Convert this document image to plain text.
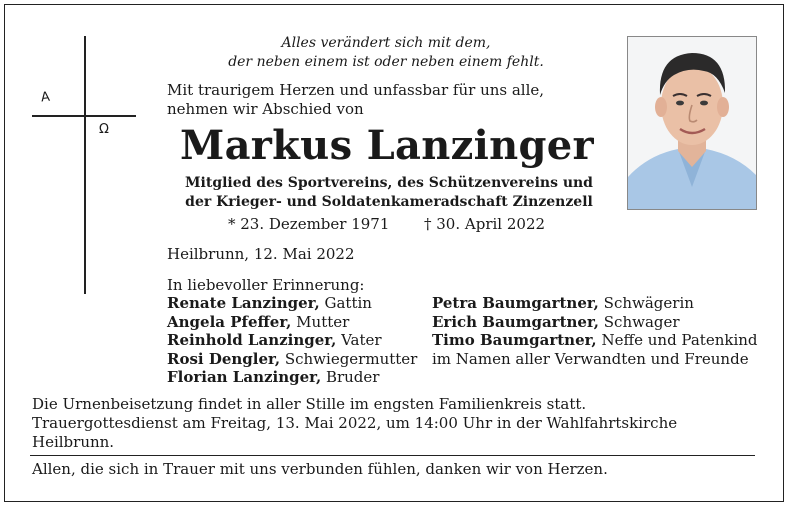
A
Ω
Alles verändert sich mit dem,
der neben einem ist oder neben einem fehlt.
Mit traurigem Herzen und unfassbar für uns alle,
nehmen wir Abschied von
Markus Lanzinger
Mitglied des Sportvereins, des Schützenvereins und
der Krieger- und Soldatenkameradschaft Zinzenzell
* 23. Dezember 1971 † 30. April 2022
Heilbrunn, 12. Mai 2022
In liebevoller Erinnerung:
Renate Lanzinger, Gattin
Angela Pfeffer, Mutter
Reinhold Lanzinger, Vater
Rosi Dengler, Schwiegermutter
Florian Lanzinger, Bruder
Petra Baumgartner, Schwägerin
Erich Baumgartner, Schwager
Timo Baumgartner, Neffe und Patenkind
im Namen aller Verwandten und Freunde
Die Urnenbeisetzung findet in aller Stille im engsten Familienkreis statt. Trauergottesdienst am Freitag, 13. Mai 2022, um 14:00 Uhr in der Wahlfahrtskirche Heilbrunn.
Allen, die sich in Trauer mit uns verbunden fühlen, danken wir von Herzen.
